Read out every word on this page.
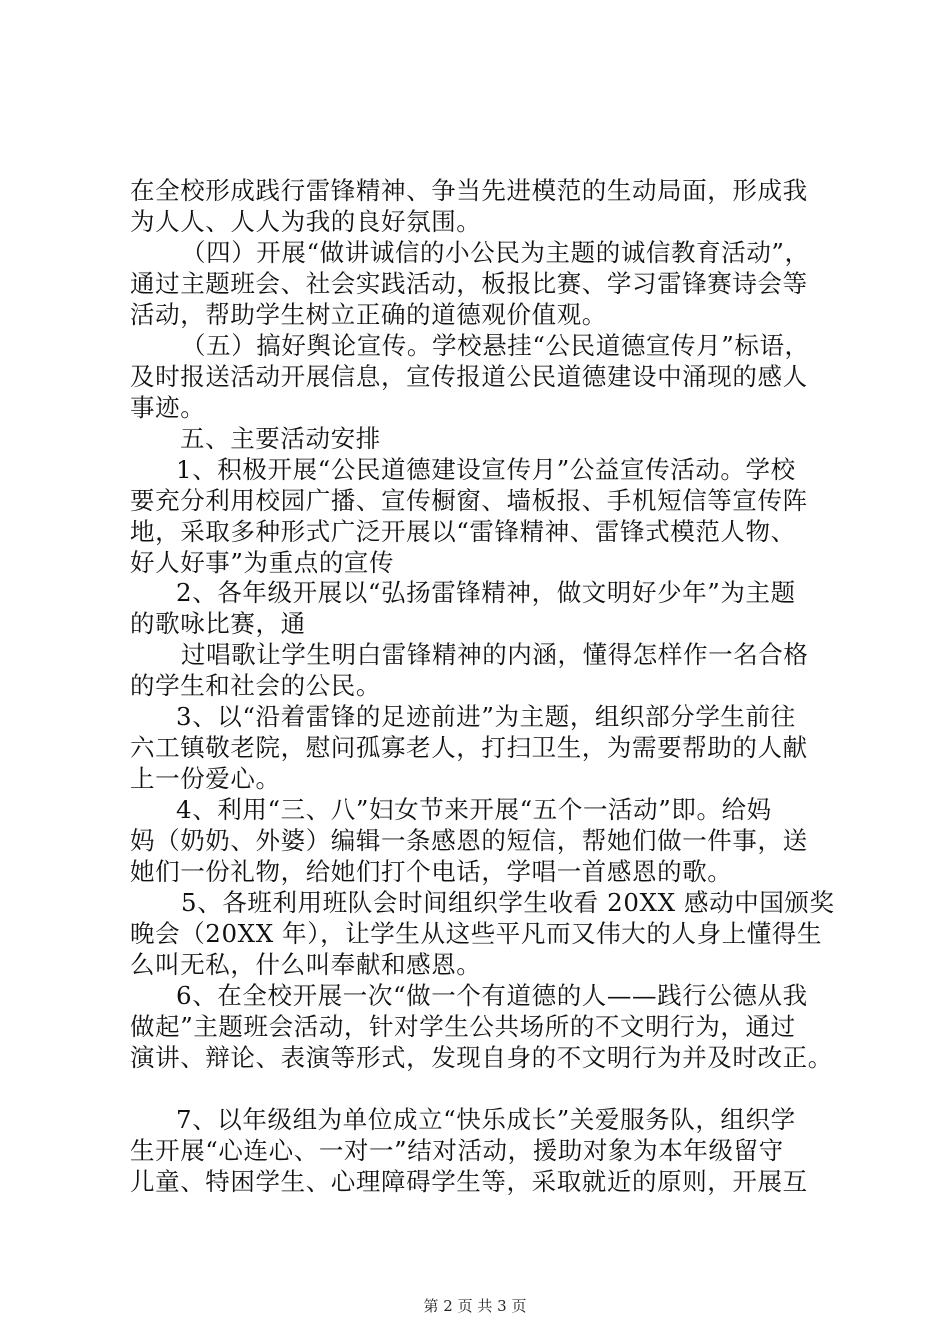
在全校形成践行雷锋精神、争当先进模范的生动局面，形成我
为人人、人人为我的良好氛围。
（四）开展“做讲诚信的小公民为主题的诚信教育活动”，
通过主题班会、社会实践活动，板报比赛、学习雷锋赛诗会等
活动，帮助学生树立正确的道德观价值观。
（五）搞好舆论宣传。学校悬挂“公民道德宣传月”标语，
及时报送活动开展信息，宣传报道公民道德建设中涌现的感人
事迹。
五、主要活动安排
1、积极开展“公民道德建设宣传月”公益宣传活动。学校
要充分利用校园广播、宣传橱窗、墙板报、手机短信等宣传阵
地，采取多种形式广泛开展以“雷锋精神、雷锋式模范人物、
好人好事”为重点的宣传
2、各年级开展以“弘扬雷锋精神，做文明好少年”为主题
的歌咏比赛，通
过唱歌让学生明白雷锋精神的内涵，懂得怎样作一名合格
的学生和社会的公民。
3、以“沿着雷锋的足迹前进”为主题，组织部分学生前往
六工镇敬老院，慰问孤寡老人，打扫卫生，为需要帮助的人献
上一份爱心。
4、利用“三、八”妇女节来开展“五个一活动”即。给妈
妈（奶奶、外婆）编辑一条感恩的短信，帮她们做一件事，送
她们一份礼物，给她们打个电话，学唱一首感恩的歌。
5、各班利用班队会时间组织学生收看 20XX 感动中国颁奖
晚会（20XX 年），让学生从这些平凡而又伟大的人身上懂得生
么叫无私，什么叫奉献和感恩。
6、在全校开展一次“做一个有道德的人——践行公德从我
做起”主题班会活动，针对学生公共场所的不文明行为，通过
演讲、辩论、表演等形式，发现自身的不文明行为并及时改正。
7、以年级组为单位成立“快乐成长”关爱服务队，组织学
生开展“心连心、一对一”结对活动，援助对象为本年级留守
儿童、特困学生、心理障碍学生等，采取就近的原则，开展互
第 2 页 共 3 页
